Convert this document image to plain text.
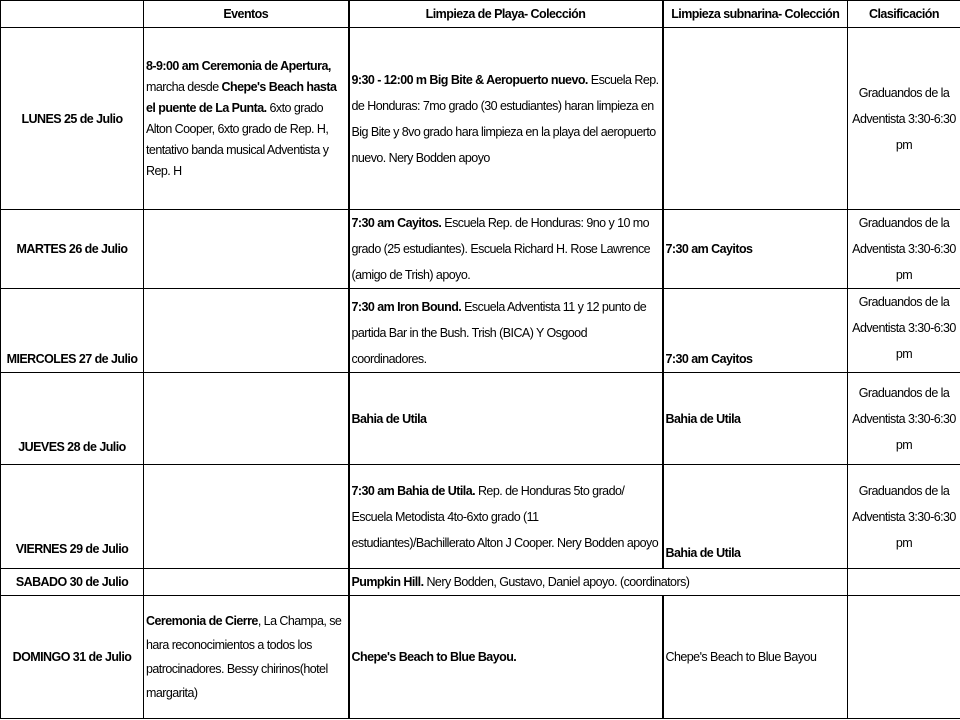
	Eventos	Limpieza de Playa- Colección	Limpieza subnarina- Colección	Clasificación
LUNES 25 de Julio	8-9:00 am Ceremonia de Apertura, marcha desde Chepe's Beach hasta el puente de La Punta. 6xto grado Alton Cooper, 6xto grado de Rep. H, tentativo banda musical Adventista y Rep. H	9:30 - 12:00 m Big Bite & Aeropuerto nuevo. Escuela Rep. de Honduras: 7mo grado (30 estudiantes) haran limpieza en Big Bite y 8vo grado hara limpieza en la playa del aeropuerto nuevo. Nery Bodden apoyo		Graduandos de la Adventista 3:30-6:30 pm
MARTES 26 de Julio		7:30 am Cayitos. Escuela Rep. de Honduras: 9no y 10 mo grado (25 estudiantes). Escuela Richard H. Rose Lawrence (amigo de Trish) apoyo.	7:30 am Cayitos	Graduandos de la Adventista 3:30-6:30 pm
MIERCOLES 27 de Julio		7:30 am Iron Bound. Escuela Adventista 11 y 12 punto de partida Bar in the Bush. Trish (BICA) Y Osgood coordinadores.	7:30 am Cayitos	Graduandos de la Adventista 3:30-6:30 pm
JUEVES 28 de Julio		Bahia de Utila	Bahia de Utila	Graduandos de la Adventista 3:30-6:30 pm
VIERNES 29 de Julio		7:30 am Bahia de Utila. Rep. de Honduras 5to grado/ Escuela Metodista 4to-6xto grado (11 estudiantes)/Bachillerato Alton J Cooper. Nery Bodden apoyo	Bahia de Utila	Graduandos de la Adventista 3:30-6:30 pm
SABADO 30 de Julio		Pumpkin Hill. Nery Bodden, Gustavo, Daniel apoyo. (coordinators)		
DOMINGO 31 de Julio	Ceremonia de Cierre, La Champa, se hara reconocimientos a todos los patrocinadores. Bessy chirinos(hotel margarita)	Chepe's Beach to Blue Bayou.	Chepe's Beach to Blue Bayou	
